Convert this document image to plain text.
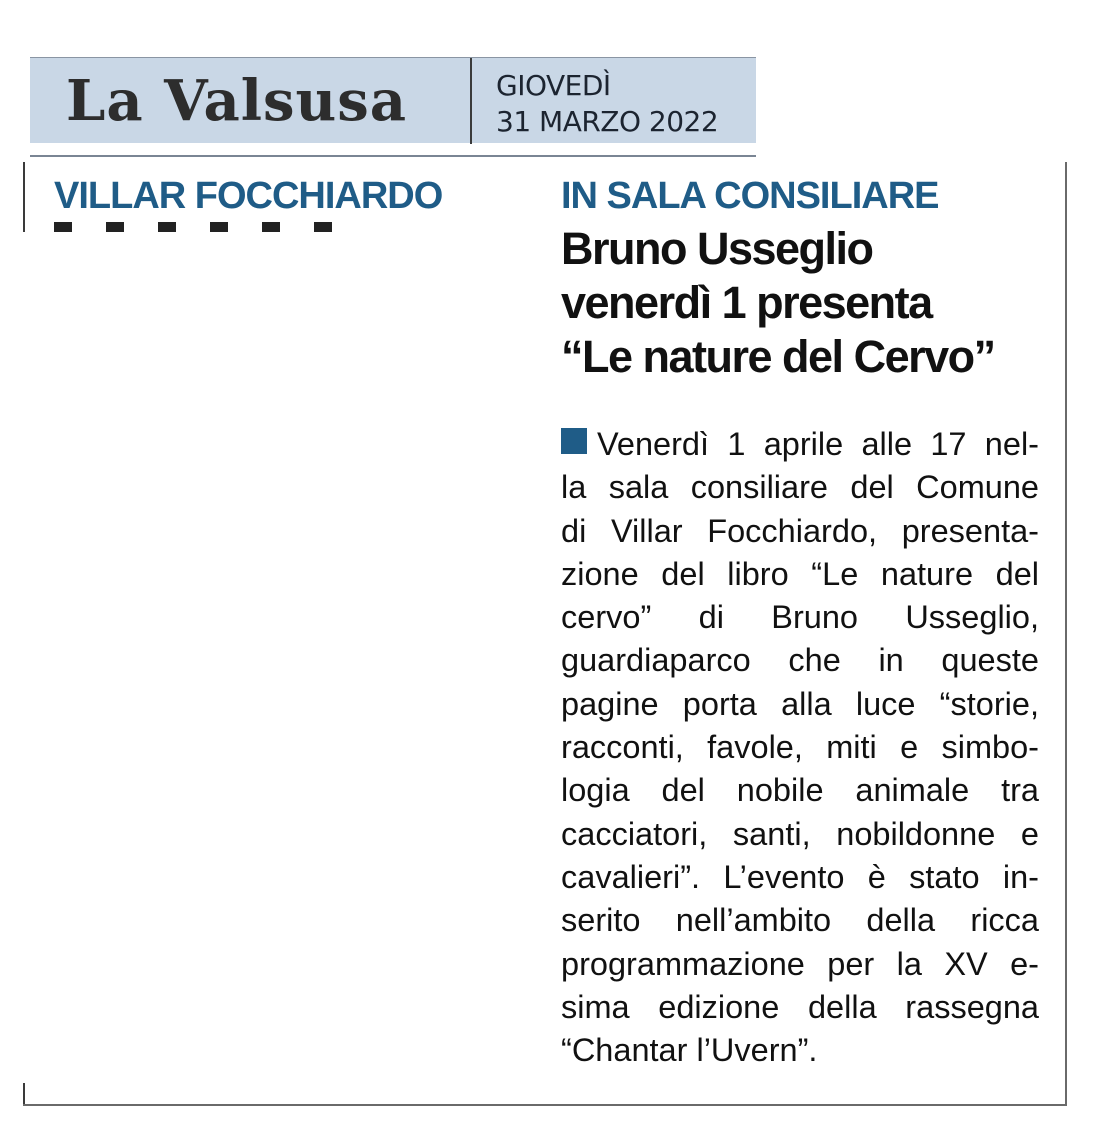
La Valsusa	GIOVEDÌ
31 MARZO 2022
VILLAR FOCCHIARDO	IN SALA CONSILIARE
Bruno Usseglio
venerdì 1 presenta
“Le nature del Cervo”
Venerdì 1 aprile alle 17 nel-
la sala consiliare del Comune
di Villar Focchiardo, presenta-
zione del libro “Le nature del
cervo” di Bruno Usseglio,
guardiaparco che in queste
pagine porta alla luce “storie,
racconti, favole, miti e simbo-
logia del nobile animale tra
cacciatori, santi, nobildonne e
cavalieri”. L’evento è stato in-
serito nell’ambito della ricca
programmazione per la XV e-
sima edizione della rassegna
“Chantar l’Uvern”.
